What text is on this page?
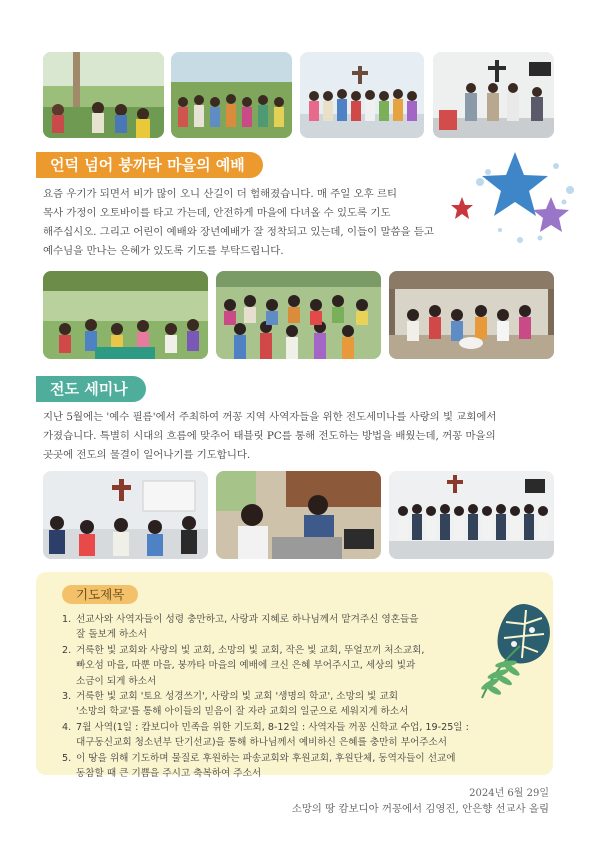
언덕 넘어 붕까타 마을의 예배
요즘 우기가 되면서 비가 많이 오니 산길이 더 험해졌습니다. 매 주일 오후 르티
목사 가정이 오토바이를 타고 가는데, 안전하게 마을에 다녀올 수 있도록 기도
해주십시오. 그리고 어린이 예배와 장년예배가 잘 정착되고 있는데, 이들이 말씀을 듣고
예수님을 만나는 은혜가 있도록 기도를 부탁드립니다.
전도 세미나
지난 5월에는 '예수 필름'에서 주최하여 꺼꽁 지역 사역자들을 위한 전도세미나를 사랑의 빛 교회에서
가졌습니다. 특별히 시대의 흐름에 맞추어 태블릿 PC를 통해 전도하는 방법을 배웠는데, 꺼꽁 마을의
곳곳에 전도의 물결이 일어나기를 기도합니다.
기도제목
1. 선교사와 사역자들이 성령 충만하고, 사랑과 지혜로 하나님께서 맡겨주신 영혼들을
잘 돌보게 하소서
2. 거룩한 빛 교회와 사랑의 빛 교회, 소망의 빛 교회, 작은 빛 교회, 뚜얼꼬끼 처소교회,
빠오섬 마을, 따뿐 마을, 붕까타 마을의 예배에 크신 은혜 부어주시고, 세상의 빛과
소금이 되게 하소서
3. 거룩한 빛 교회 '토요 성경쓰기', 사랑의 빛 교회 '생명의 학교', 소망의 빛 교회
'소망의 학교'를 통해 아이들의 믿음이 잘 자라 교회의 일군으로 세워지게 하소서
4. 7월 사역(1일 : 캄보디아 민족을 위한 기도회, 8-12일 : 사역자들 꺼꽁 신학교 수업, 19-25일 :
대구동신교회 청소년부 단기선교)을 통해 하나님께서 예비하신 은혜를 충만히 부어주소서
5. 이 땅을 위해 기도하며 물질로 후원하는 파송교회와 후원교회, 후원단체, 동역자들이 선교에
동참할 때 큰 기쁨을 주시고 축복하여 주소서
2024년 6월 29일
소망의 땅 캄보디아 꺼꽁에서 김영진, 안은향 선교사 올림
